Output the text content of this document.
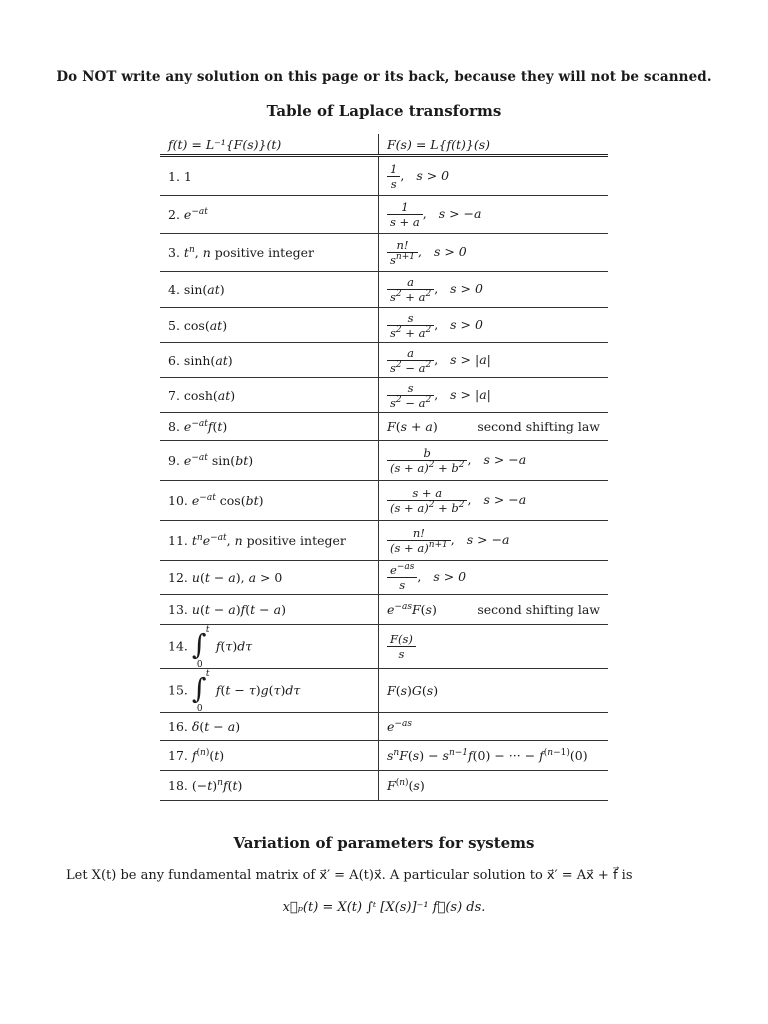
Do NOT write any solution on this page or its back, because they will not be scanned.
Table of Laplace transforms
f(t) = L⁻¹{F(s)}(t)	F(s) = L{f(t)}(s)
1. 1	$\frac{1}{s}$ , s > 0
2. $e^{-at}$	$\frac{1}{s + a}$ , s > −a
3. $t^n$, n positive integer	$\frac{n!}{s^{n+1}}$ , s > 0
4. sin(at)	$\frac{a}{s^2 + a^2}$ , s > 0
5. cos(at)	$\frac{s}{s^2 + a^2}$ , s > 0
6. sinh(at)	$\frac{a}{s^2 - a^2}$ , s > |a|
7. cosh(at)	$\frac{s}{s^2 - a^2}$ , s > |a|
8. $e^{-at}f(t)$	F(s + a) second shifting law

9. $e^{-at}$ sin(bt)	$\frac{b}{(s + a)^2 + b^2}$ , s > −a
10. $e^{-at}$ cos(bt)	$\frac{s + a}{(s + a)^2 + b^2}$ , s > −a
11. $t^ne^{-at}$, n positive integer	$\frac{n!}{(s + a)^{n+1}}$ , s > −a
12. u(t − a), a > 0	$\frac{e^{-as}}{s}$ , s > 0
13. u(t − a)f(t − a)	$e^{-as}F(s)$ second shifting law

14. ∫ t
0
f(τ)dτ	$\frac{F(s)}{s}$

15. ∫ t
0
f(t − τ)g(τ)dτ	F(s)G(s)
16. δ(t − a)	$e^{-as}$
17. $f^{(n)}(t)$	$s^nF(s) - s^{n-1}f(0)$ − ··· − $f^{(n-1)}(0)$
18. $(-t)^nf(t)$	$F^{(n)}(s)$
Variation of parameters for systems
Let X(t) be any fundamental matrix of x⃗′ = A(t)x⃗. A particular solution to x⃗′ = Ax⃗ + f⃗ is
x⃗ₚ(t) = X(t) ∫ᵗ [X(s)]⁻¹ f⃗(s) ds.
